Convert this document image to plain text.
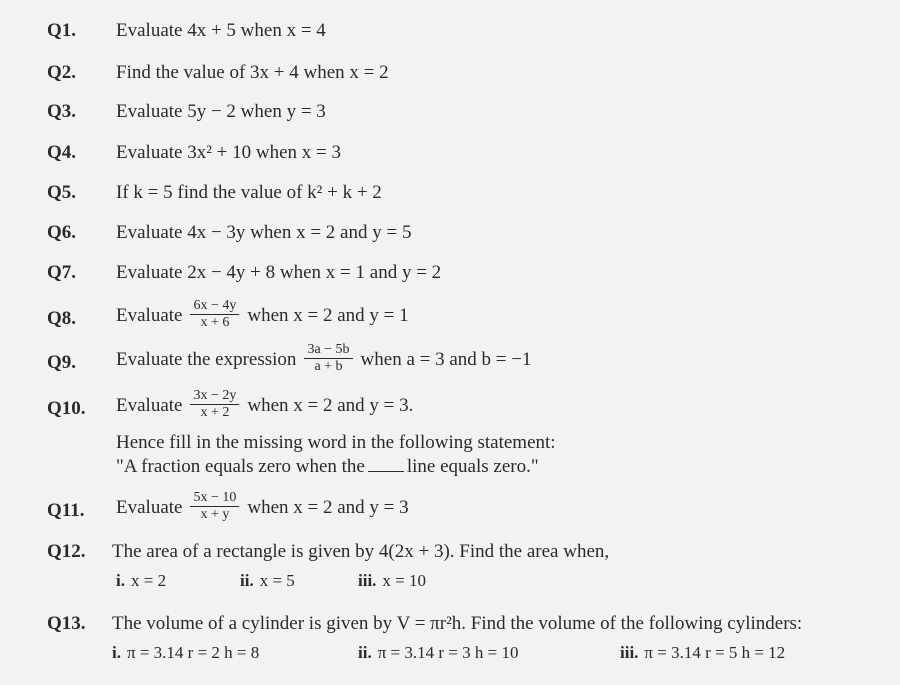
Q1. Evaluate 4x + 5 when x = 4
Q2. Find the value of 3x + 4 when x = 2
Q3. Evaluate 5y − 2 when y = 3
Q4. Evaluate 3x² + 10 when x = 3
Q5. If k = 5 find the value of k² + k + 2
Q6. Evaluate 4x − 3y when x = 2 and y = 5
Q7. Evaluate 2x − 4y + 8 when x = 1 and y = 2
Q8. Evaluate $\frac{6x - 4y}{x + 6}$ when x = 2 and y = 1
Q9. Evaluate the expression $\frac{3a - 5b}{a + b}$ when a = 3 and b = −1
Q10. Evaluate $\frac{3x - 2y}{x + 2}$ when x = 2 and y = 3.
Hence fill in the missing word in the following statement:
"A fraction equals zero when the line equals zero."
Q11. Evaluate $\frac{5x - 10}{x + y}$ when x = 2 and y = 3
Q12. The area of a rectangle is given by 4(2x + 3). Find the area when,
i. x = 2	ii. x = 5	iii. x = 10
Q13. The volume of a cylinder is given by V = πr²h. Find the volume of the following cylinders:
i. π = 3.14 r = 2 h = 8	ii. π = 3.14 r = 3 h = 10	iii. π = 3.14 r = 5 h = 12
